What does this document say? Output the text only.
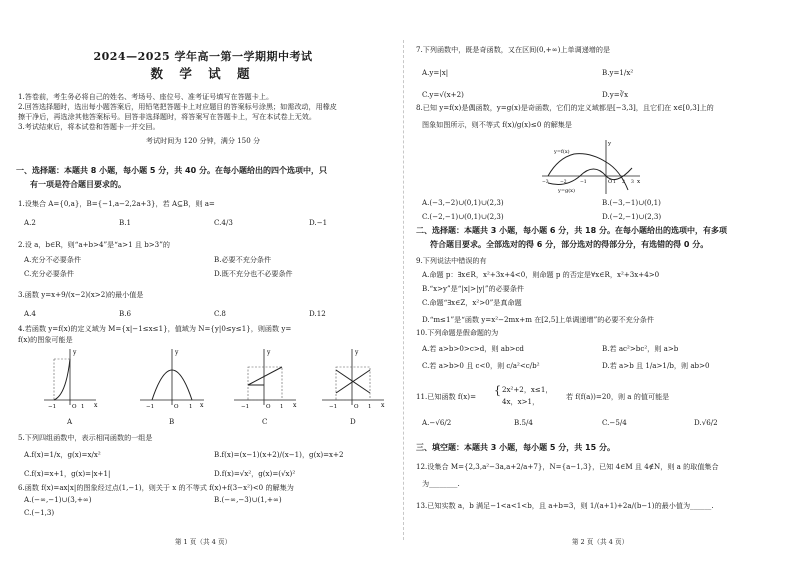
2024—2025 学年高一第一学期期中考试
数 学 试 题
1.答卷前，考生务必将自己的姓名、考场号、座位号、准考证号填写在答题卡上。
2.回答选择题时，选出每小题答案后，用铅笔把答题卡上对应题目的答案标号涂黑；如需改动，用橡皮
擦干净后，再选涂其他答案标号。回答非选择题时，将答案写在答题卡上，写在本试卷上无效。
3.考试结束后，将本试卷和答题卡一并交回。
考试时间为 120 分钟，满分 150 分
一、选择题：本题共 8 小题，每小题 5 分，共 40 分。在每小题给出的四个选项中，只
有一项是符合题目要求的。
1.设集合 A={0,a}，B={−1,a−2,2a+3}，若 A⊆B，则 a=
A.2	B.1	C.4/3	D.−1
2.设 a，b∈R，则“a+b>4”是“a>1 且 b>3”的
A.充分不必要条件	B.必要不充分条件
C.充分必要条件	D.既不充分也不必要条件
3.函数 y=x+9/(x−2)(x>2)的最小值是
A.4	B.6	C.8	D.12
4.若函数 y=f(x)的定义域为 M={x|−1≤x≤1}，值域为 N={y|0≤y≤1}，则函数 y=
f(x)的图象可能是
y
x
−1	O 1
y
x
−1	O 1
y
x
−1	O 1
y
x
−1	O 1
A	B	C	D
5.下列四组函数中，表示相同函数的一组是
A.f(x)=1/x，g(x)=x/x²	B.f(x)=(x−1)(x+2)/(x−1)，g(x)=x+2
C.f(x)=x+1，g(x)=|x+1|	D.f(x)=√x²，g(x)=(√x)²
6.函数 f(x)=ax|x|的图象经过点(1,−1)，则关于 x 的不等式 f(x)+f(3−x²)<0 的解集为
A.(−∞,−1)∪(3,+∞)	B.(−∞,−3)∪(1,+∞)
C.(−1,3)
第 1 页（共 4 页）
7.下列函数中，既是奇函数，又在区间(0,+∞)上单调递增的是
A.y=|x|	B.y=1/x²
C.y=√(x+2)	D.y=∛x
8.已知 y=f(x)是偶函数，y=g(x)是奇函数，它们的定义域都是[−3,3]，且它们在 x∈[0,3]上的
图象如图所示，则不等式 f(x)/g(x)≤0 的解集是
y
x
O
y=f(x)
y=g(x)
−3	−2	−1	1 2 3
A.(−3,−2)∪(0,1)∪(2,3)	B.(−3,−1)∪(0,1)
C.(−2,−1)∪(0,1)∪(2,3)	D.(−2,−1)∪(2,3)
二、选择题：本题共 3 小题，每小题 6 分，共 18 分。在每小题给出的选项中，有多项
符合题目要求。全部选对的得 6 分，部分选对的得部分分，有选错的得 0 分。
9.下列说法中错误的有
A.命题 p：∃x∈R，x²+3x+4<0，则命题 p 的否定是∀x∈R，x²+3x+4>0
B.“x>y”是“|x|>|y|”的必要条件
C.命题“∃x∈Z，x²>0”是真命题
D.“m≤1”是“函数 y=x²−2mx+m 在[2,5]上单调递增”的必要不充分条件
10.下列命题是假命题的为
A.若 a>b>0>c>d，则 ab>cd	B.若 ac²>bc²，则 a>b
C.若 a>b>0 且 c<0，则 c/a²<c/b²	D.若 a>b 且 1/a>1/b，则 ab>0
11.已知函数 f(x)= { 2x²+2，x≤1，
4x，x>1，
若 f(f(a))=20，则 a 的值可能是
A.−√6/2	B.5/4	C.−5/4	D.√6/2
三、填空题：本题共 3 小题，每小题 5 分，共 15 分。
12.设集合 M={2,3,a²−3a,a+2/a+7}，N={a−1,3}，已知 4∈M 且 4∉N，则 a 的取值集合
为________.
13.已知实数 a，b 满足−1<a<1<b，且 a+b=3，则 1/(a+1)+2a/(b−1)的最小值为______.
第 2 页（共 4 页）
